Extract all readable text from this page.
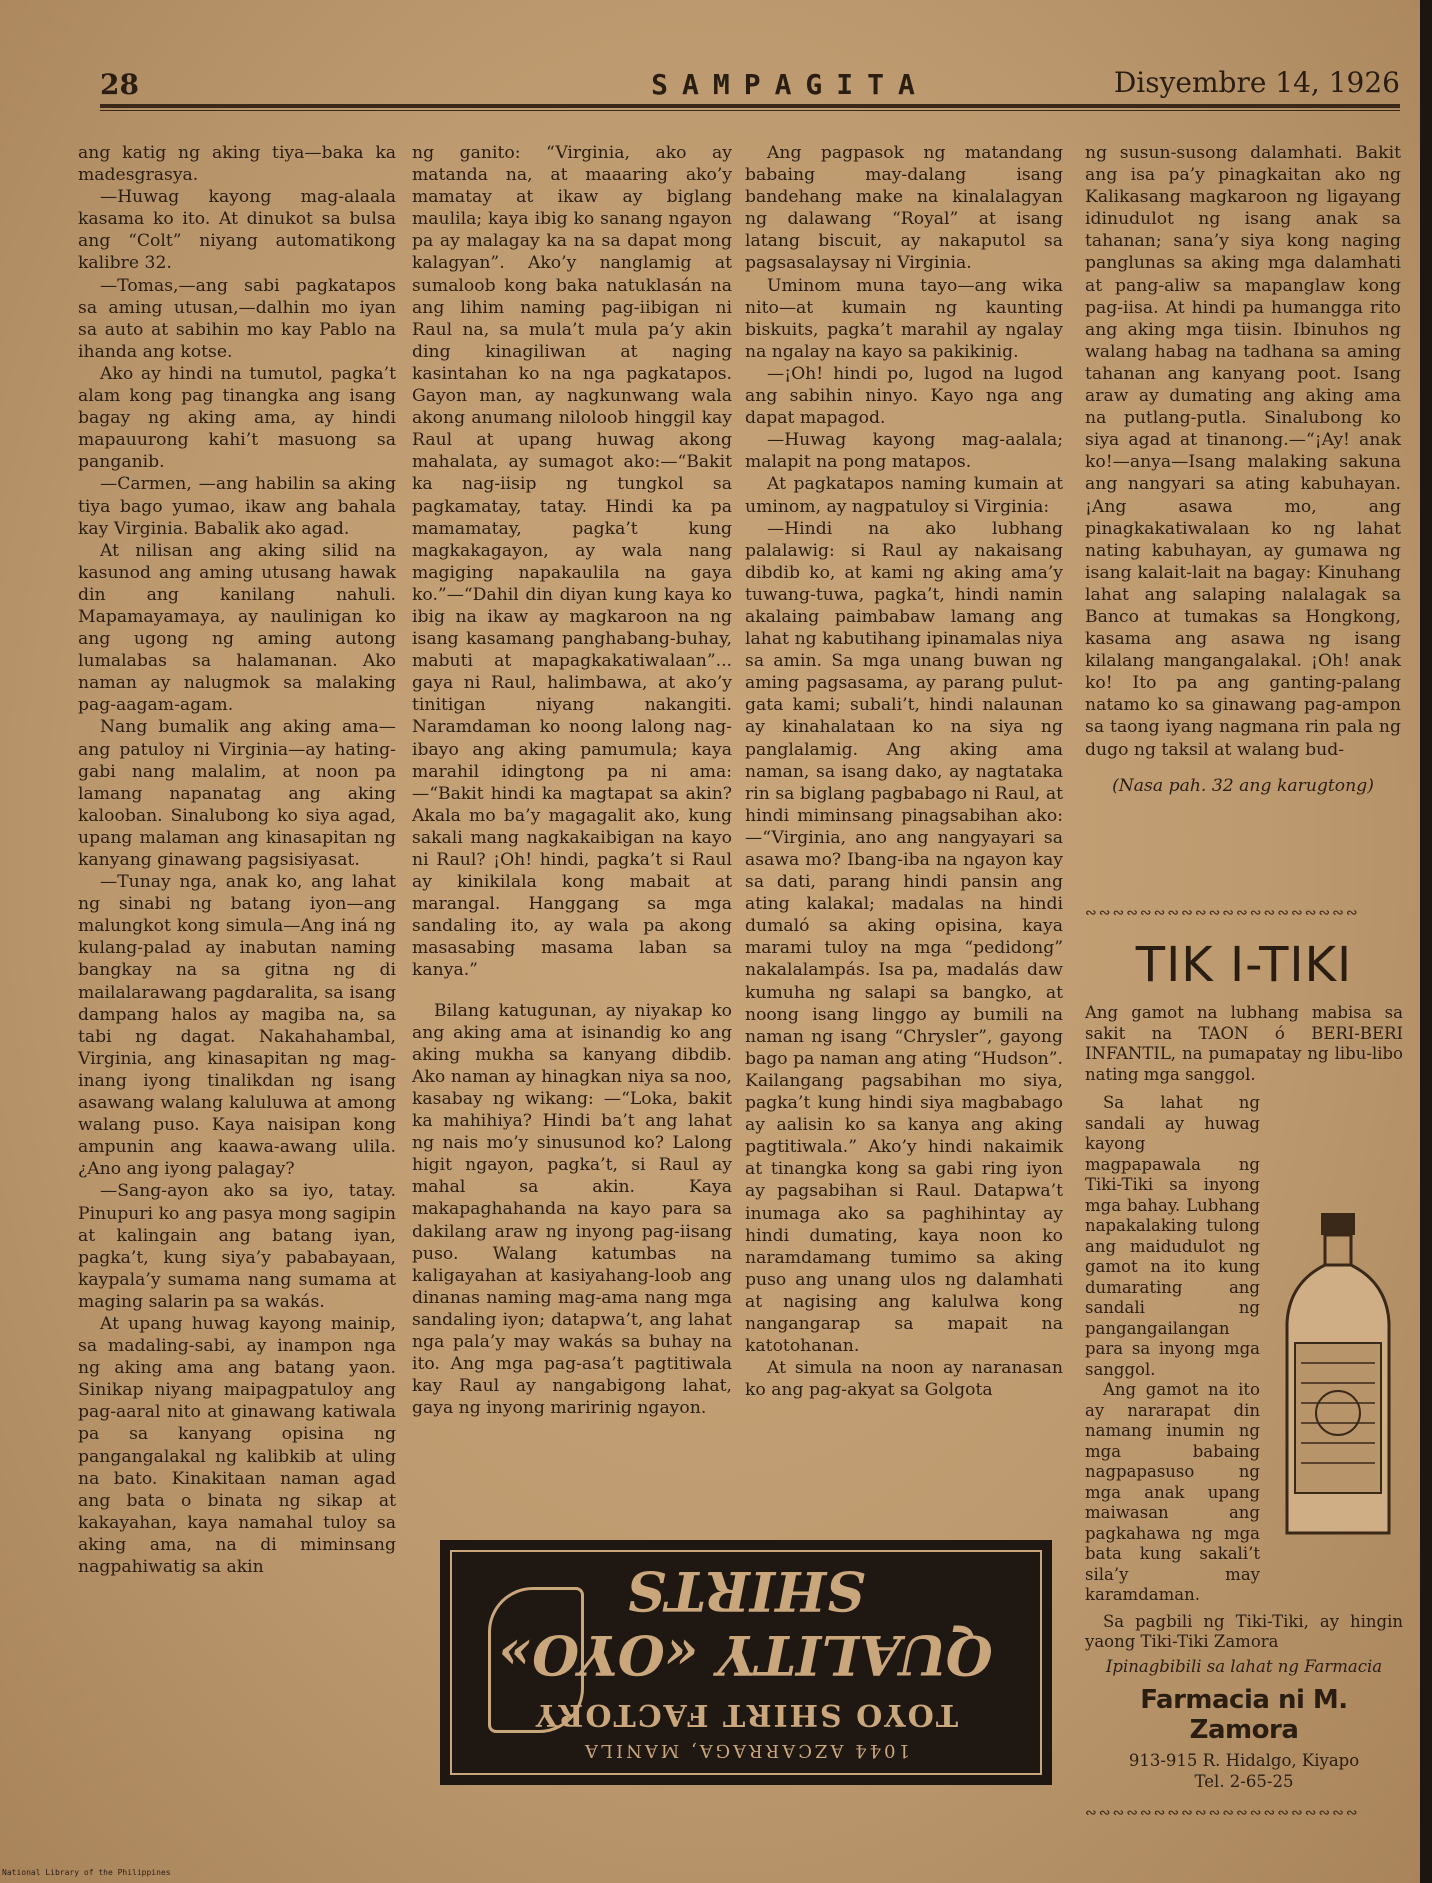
28	SAMPAGITA	Disyembre 14, 1926

ang katig ng aking tiya—baka ka madesgrasya.

—Huwag kayong mag-alaala kasama ko ito. At dinukot sa bulsa ang “Colt” niyang automatikong kalibre 32.

—Tomas,—ang sabi pagkatapos sa aming utusan,—dalhin mo iyan sa auto at sabihin mo kay Pablo na ihanda ang kotse.

Ako ay hindi na tumutol, pagka’t alam kong pag tinangka ang isang bagay ng aking ama, ay hindi mapauurong kahi’t masuong sa panganib.

—Carmen, —ang habilin sa aking tiya bago yumao, ikaw ang bahala kay Virginia. Babalik ako agad.

At nilisan ang aking silid na kasunod ang aming utusang hawak din ang kanilang nahuli. Mapamayamaya, ay naulinigan ko ang ugong ng aming autong lumalabas sa halamanan. Ako naman ay nalugmok sa malaking pag-aagam-agam.

Nang bumalik ang aking ama—ang patuloy ni Virginia—ay hating-gabi nang malalim, at noon pa lamang napanatag ang aking kalooban. Sinalubong ko siya agad, upang malaman ang kinasapitan ng kanyang ginawang pagsisiyasat.

—Tunay nga, anak ko, ang lahat ng sinabi ng batang iyon—ang malungkot kong simula—Ang iná ng kulang-palad ay inabutan naming bangkay na sa gitna ng di mailalarawang pagdaralita, sa isang dampang halos ay magiba na, sa tabi ng dagat. Nakahahambal, Virginia, ang kinasapitan ng mag-inang iyong tinalikdan ng isang asawang walang kaluluwa at among walang puso. Kaya naisipan kong ampunin ang kaawa-awang ulila. ¿Ano ang iyong palagay?

—Sang-ayon ako sa iyo, tatay. Pinupuri ko ang pasya mong sagipin at kalingain ang batang iyan, pagka’t, kung siya’y pababayaan, kaypala’y sumama nang sumama at maging salarin pa sa wakás.

At upang huwag kayong mainip, sa madaling-sabi, ay inampon nga ng aking ama ang batang yaon. Sinikap niyang maipagpatuloy ang pag-aaral nito at ginawang katiwala pa sa kanyang opisina ng pangangalakal ng kalibkib at uling na bato. Kinakitaan naman agad ang bata o binata ng sikap at kakayahan, kaya namahal tuloy sa aking ama, na di miminsang nagpahiwatig sa akin

ng ganito: “Virginia, ako ay matanda na, at maaaring ako’y mamatay at ikaw ay biglang maulila; kaya ibig ko sanang ngayon pa ay malagay ka na sa dapat mong kalagyan”. Ako’y nanglamig at sumaloob kong baka natuklasán na ang lihim naming pag-iibigan ni Raul na, sa mula’t mula pa’y akin ding kinagiliwan at naging kasintahan ko na nga pagkatapos. Gayon man, ay nagkunwang wala akong anumang niloloob hinggil kay Raul at upang huwag akong mahalata, ay sumagot ako:—“Bakit ka nag-iisip ng tungkol sa pagkamatay, tatay. Hindi ka pa mamamatay, pagka’t kung magkakagayon, ay wala nang magiging napakaulila na gaya ko.”—“Dahil din diyan kung kaya ko ibig na ikaw ay magkaroon na ng isang kasamang panghabang-buhay, mabuti at mapagkakatiwalaan”... gaya ni Raul, halimbawa, at ako’y tinitigan niyang nakangiti. Naramdaman ko noong lalong nag-ibayo ang aking pamumula; kaya marahil idingtong pa ni ama: —“Bakit hindi ka magtapat sa akin? Akala mo ba’y magagalit ako, kung sakali mang nagkakaibigan na kayo ni Raul? ¡Oh! hindi, pagka’t si Raul ay kinikilala kong mabait at marangal. Hanggang sa mga sandaling ito, ay wala pa akong masasabing masama laban sa kanya.”

Bilang katugunan, ay niyakap ko ang aking ama at isinandig ko ang aking mukha sa kanyang dibdib. Ako naman ay hinagkan niya sa noo, kasabay ng wikang: —“Loka, bakit ka mahihiya? Hindi ba’t ang lahat ng nais mo’y sinusunod ko? Lalong higit ngayon, pagka’t, si Raul ay mahal sa akin. Kaya makapaghahanda na kayo para sa dakilang araw ng inyong pag-iisang puso. Walang katumbas na kaligayahan at kasiyahang-loob ang dinanas naming mag-ama nang mga sandaling iyon; datapwa’t, ang lahat nga pala’y may wakás sa buhay na ito. Ang mga pag-asa’t pagtitiwala kay Raul ay nangabigong lahat, gaya ng inyong maririnig ngayon.

Ang pagpasok ng matandang babaing may-dalang isang bandehang make na kinalalagyan ng dalawang “Royal” at isang latang biscuit, ay nakaputol sa pagsasalaysay ni Virginia.

Uminom muna tayo—ang wika nito—at kumain ng kaunting biskuits, pagka’t marahil ay ngalay na ngalay na kayo sa pakikinig.

—¡Oh! hindi po, lugod na lugod ang sabihin ninyo. Kayo nga ang dapat mapagod.

—Huwag kayong mag-aalala; malapit na pong matapos.

At pagkatapos naming kumain at uminom, ay nagpatuloy si Virginia:

—Hindi na ako lubhang palalawig: si Raul ay nakaisang dibdib ko, at kami ng aking ama’y tuwang-tuwa, pagka’t, hindi namin akalaing paimbabaw lamang ang lahat ng kabutihang ipinamalas niya sa amin. Sa mga unang buwan ng aming pagsasama, ay parang pulut-gata kami; subali’t, hindi nalaunan ay kinahalataan ko na siya ng panglalamig. Ang aking ama naman, sa isang dako, ay nagtataka rin sa biglang pagbabago ni Raul, at hindi miminsang pinagsabihan ako:—“Virginia, ano ang nangyayari sa asawa mo? Ibang-iba na ngayon kay sa dati, parang hindi pansin ang ating kalakal; madalas na hindi dumaló sa aking opisina, kaya marami tuloy na mga “pedidong” nakalalampás. Isa pa, madalás daw kumuha ng salapi sa bangko, at noong isang linggo ay bumili na naman ng isang “Chrysler”, gayong bago pa naman ang ating “Hudson”. Kailangang pagsabihan mo siya, pagka’t kung hindi siya magbabago ay aalisin ko sa kanya ang aking pagtitiwala.” Ako’y hindi nakaimik at tinangka kong sa gabi ring iyon ay pagsabihan si Raul. Datapwa’t inumaga ako sa paghihintay ay hindi dumating, kaya noon ko naramdamang tumimo sa aking puso ang unang ulos ng dalamhati at nagising ang kalulwa kong nangangarap sa mapait na katotohanan.

At simula na noon ay naranasan ko ang pag-akyat sa Golgota

ng susun-susong dalamhati. Bakit ang isa pa’y pinagkaitan ako ng Kalikasang magkaroon ng ligayang idinudulot ng isang anak sa tahanan; sana’y siya kong naging panglunas sa aking mga dalamhati at pang-aliw sa mapanglaw kong pag-iisa. At hindi pa humangga rito ang aking mga tiisin. Ibinuhos ng walang habag na tadhana sa aming tahanan ang kanyang poot. Isang araw ay dumating ang aking ama na putlang-putla. Sinalubong ko siya agad at tinanong.—“¡Ay! anak ko!—anya—Isang malaking sakuna ang nangyari sa ating kabuhayan. ¡Ang asawa mo, ang pinagkakatiwalaan ko ng lahat nating kabuhayan, ay gumawa ng isang kalait-lait na bagay: Kinuhang lahat ang salaping nalalagak sa Banco at tumakas sa Hongkong, kasama ang asawa ng isang kilalang mangangalakal. ¡Oh! anak ko! Ito pa ang ganting-palang natamo ko sa ginawang pag-ampon sa taong iyang nagmana rin pala ng dugo ng taksil at walang bud-

(Nasa pah. 32 ang karugtong)

∾∾∾∾∾∾∾∾∾∾∾∾∾∾∾∾∾∾∾∾
TIK I-TIKI

Ang gamot na lubhang mabisa sa sakit na TAON ó BERI-BERI INFANTIL, na pumapatay ng libu-libo nating mga sanggol.

Sa lahat ng sandali ay huwag kayong magpapawala ng Tiki-Tiki sa inyong mga bahay. Lubhang napakalaking tulong ang maidudulot ng gamot na ito kung dumarating ang sandali ng pangangailangan para sa inyong mga sanggol.

Ang gamot na ito ay nararapat din namang inumin ng mga babaing nagpapasuso ng mga anak upang maiwasan ang pagkahawa ng mga bata kung sakali’t sila’y may karamdaman.

Sa pagbili ng Tiki-Tiki, ay hingin yaong Tiki-Tiki Zamora

Ipinagbibili sa lahat ng Farmacia

Farmacia ni M. Zamora
913-915 R. Hidalgo, Kiyapo
Tel. 2-65-25
∾∾∾∾∾∾∾∾∾∾∾∾∾∾∾∾∾∾∾∾
1044 AZCARRAGA, MANILA
TOYO SHIRT FACTORY
QUALITY «OYO» SHIRTS
National Library of the Philippines
